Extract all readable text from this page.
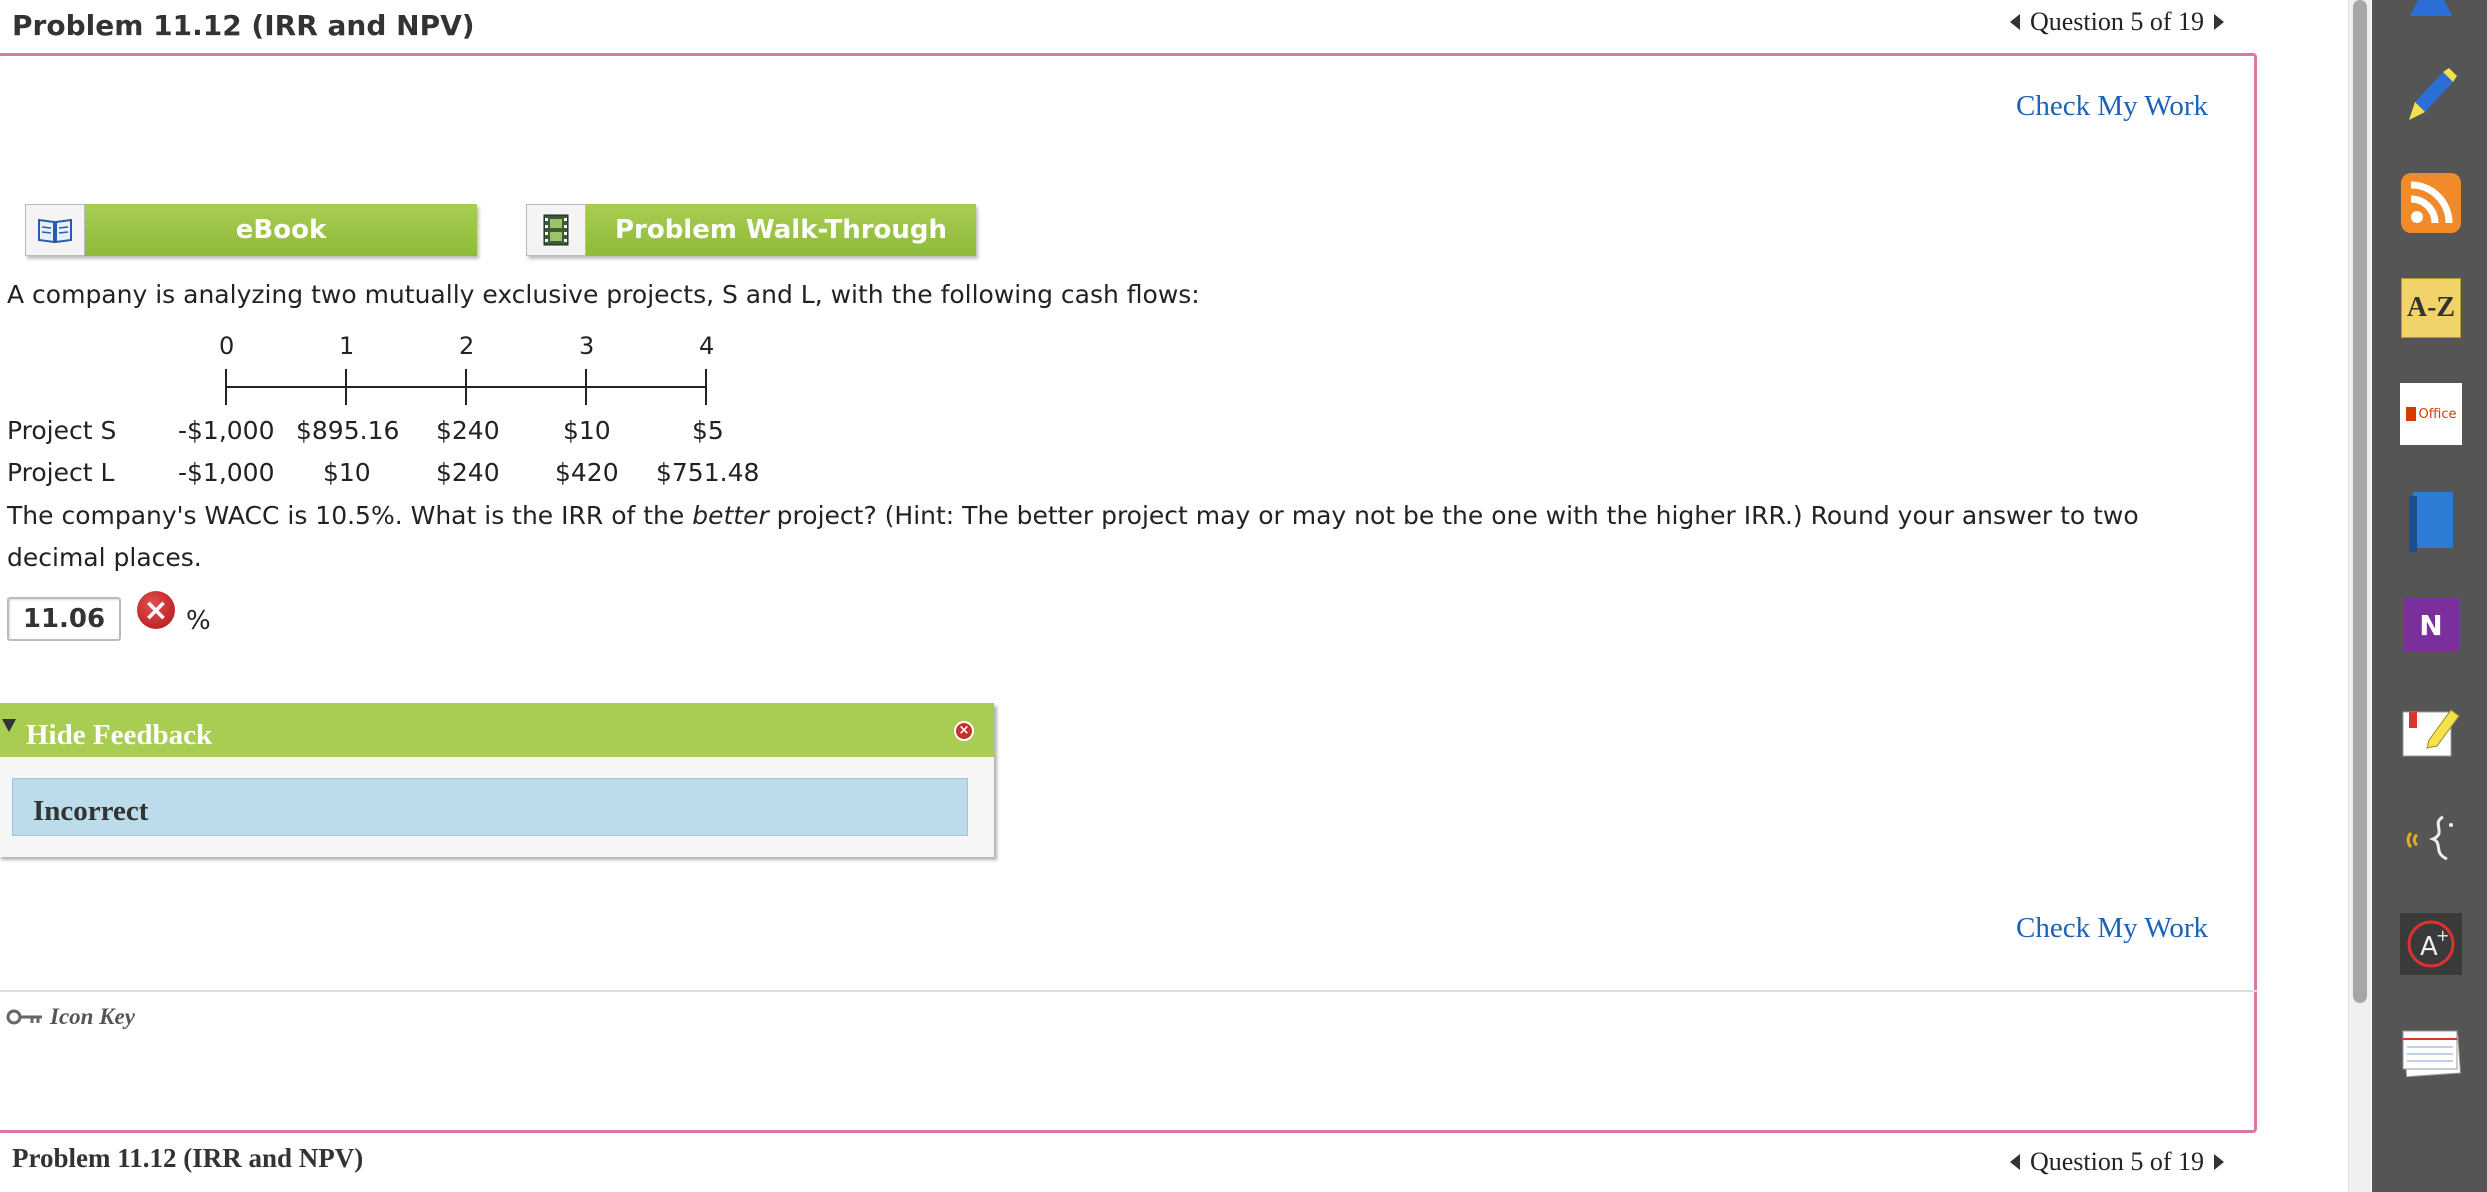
Problem 11.12 (IRR and NPV)	Question 5 of 19
Check My Work
eBook	Problem Walk-Through
A company is analyzing two mutually exclusive projects, S and L, with the following cash flows:
0	1	2	3	4
Project S -$1,000 $895.16 $240	$10	$5
Project L	-$1,000 $10	$240 $420 $751.48
The company's WACC is 10.5%. What is the IRR of the better project? (Hint: The better project may or may not be the one with the higher IRR.) Round your answer to two decimal places.
11.06	× %
Hide Feedback	×
Incorrect
Check My Work
Icon Key
Problem 11.12 (IRR and NPV)	Question 5 of 19
A-Z
Office
N
A
+
